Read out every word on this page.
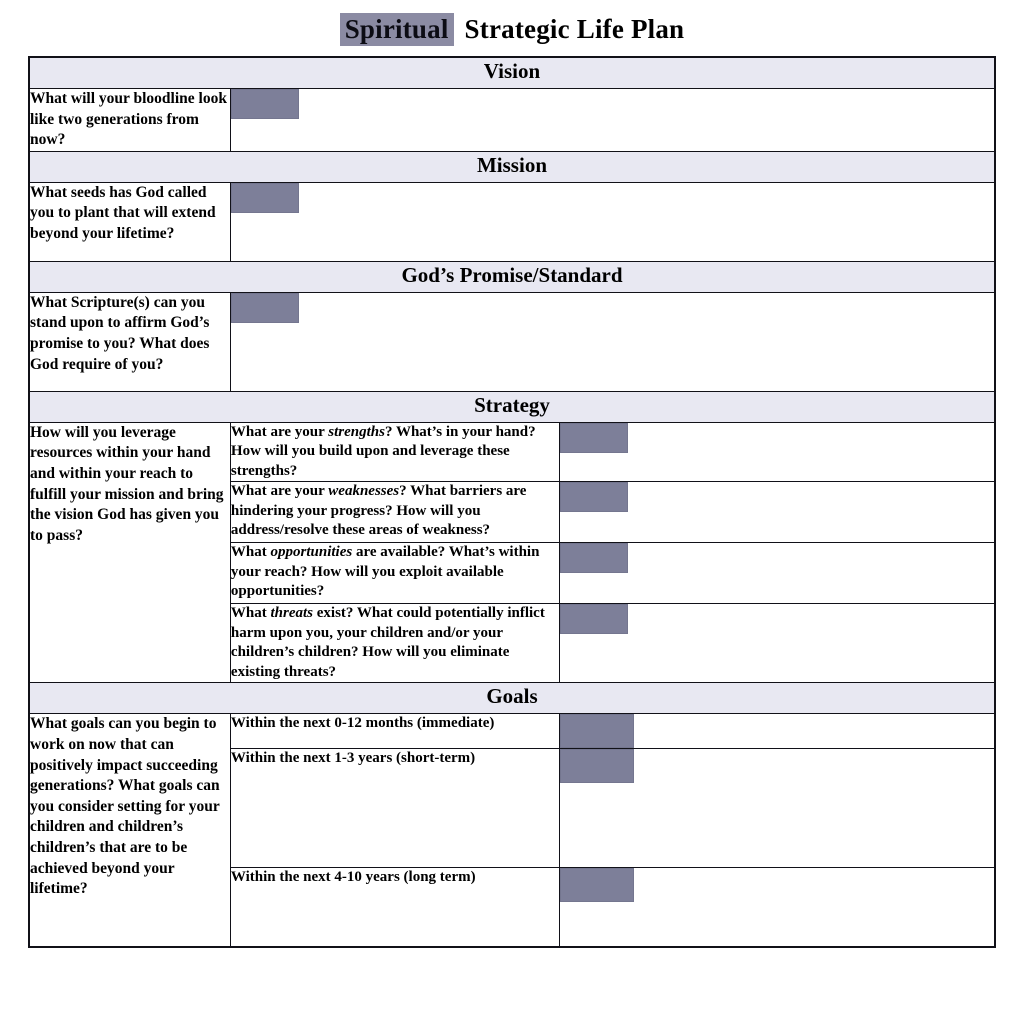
Spiritual Strategic Life Plan
Vision		
What will your bloodline look like two generations from now?		

Mission		
What seeds has God called you to plant that will extend beyond your lifetime?		

God’s Promise/Standard		
What Scripture(s) can you stand upon to affirm God’s promise to you? What does God require of you?		

Strategy		
How will you leverage resources within your hand and within your reach to fulfill your mission and bring the vision God has given you to pass?	What are your strengths? What’s in your hand? How will you build upon and leverage these strengths?	

	What are your weaknesses? What barriers are hindering your progress? How will you address/resolve these areas of weakness?	

	What opportunities are available? What’s within your reach? How will you exploit available opportunities?	

	What threats exist? What could potentially inflict harm upon you, your children and/or your children’s children? How will you eliminate existing threats?	

Goals		
What goals can you begin to work on now that can positively impact succeeding generations? What goals can you consider setting for your children and children’s children’s that are to be achieved beyond your lifetime?	Within the next 0-12 months (immediate)	

	Within the next 1-3 years (short-term)	

	Within the next 4-10 years (long term)	
